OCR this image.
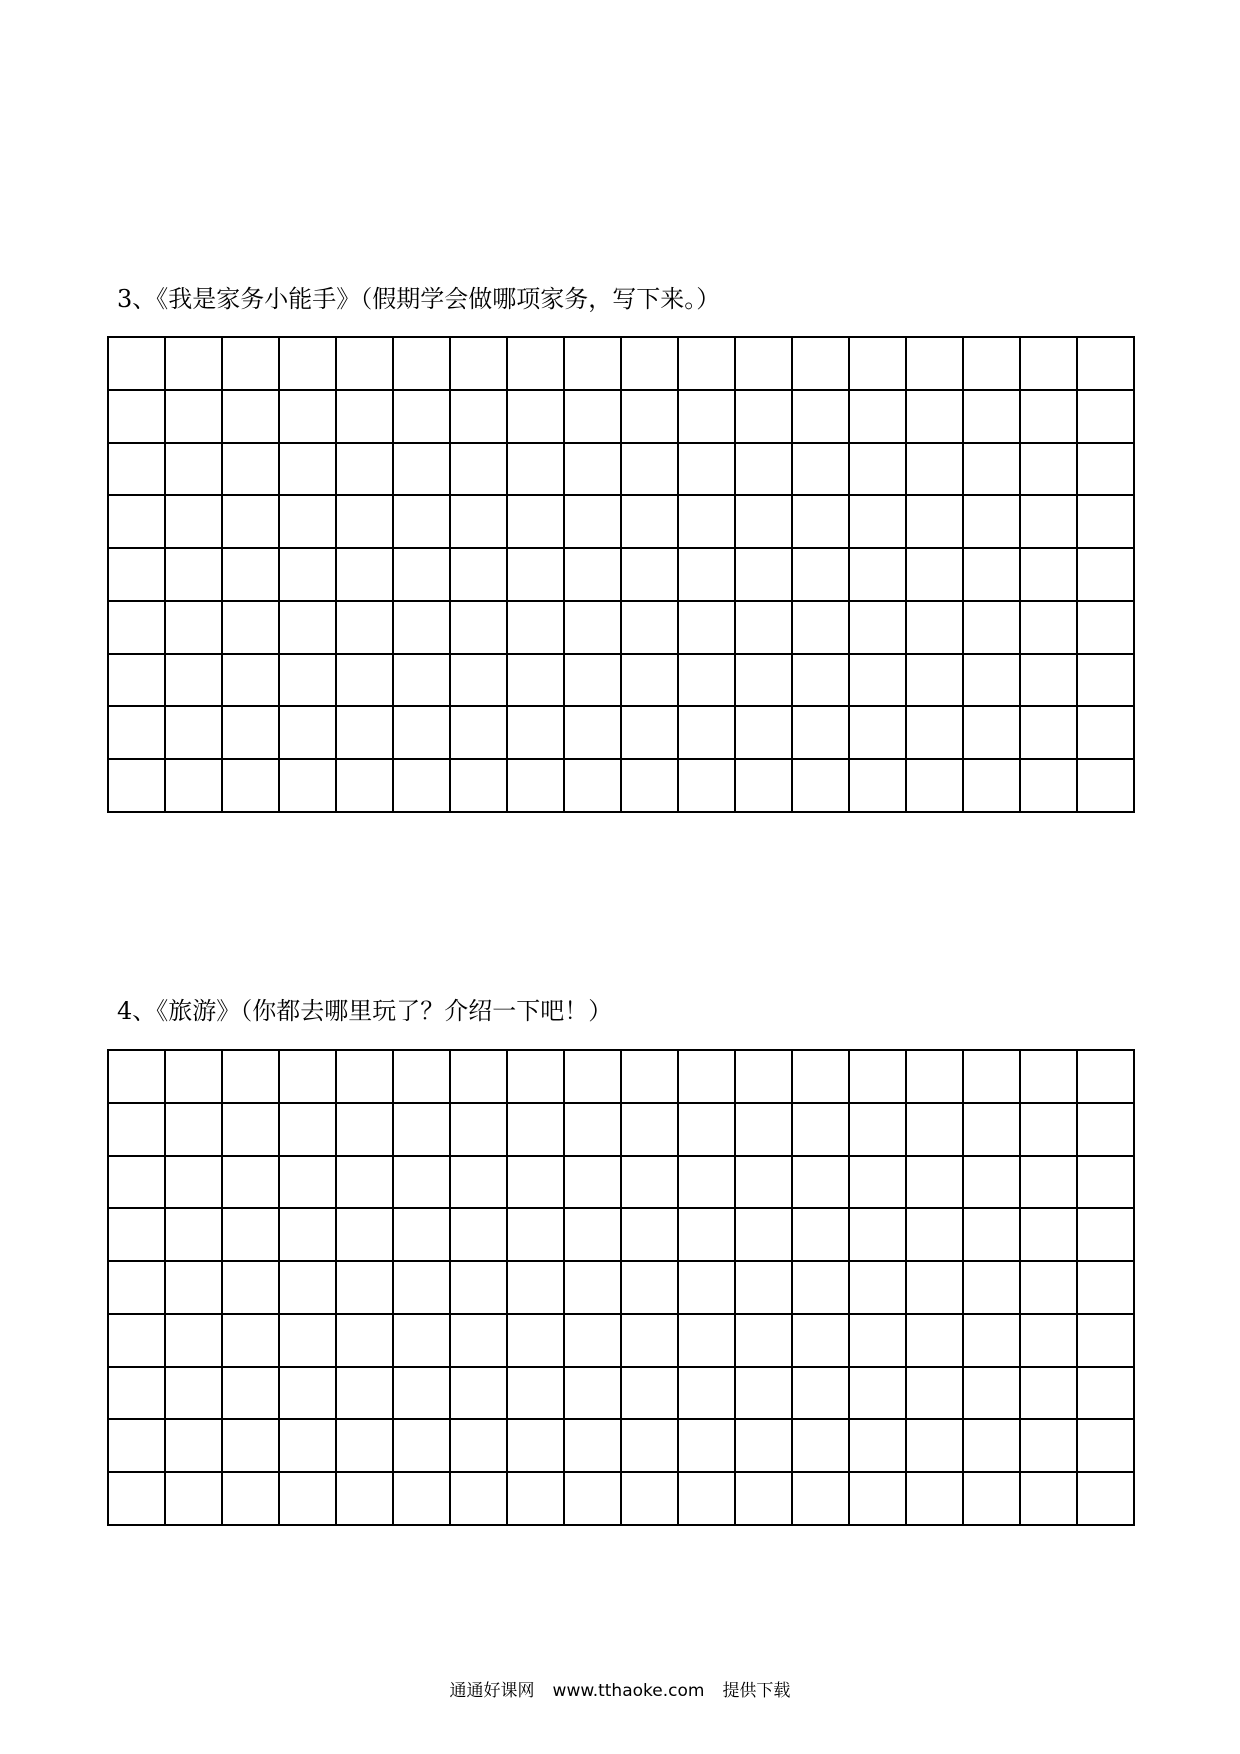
3、《我是家务小能手》（假期学会做哪项家务，写下来。）
4、《旅游》（你都去哪里玩了？介绍一下吧！）
通通好课网 www.tthaoke.com 提供下载
